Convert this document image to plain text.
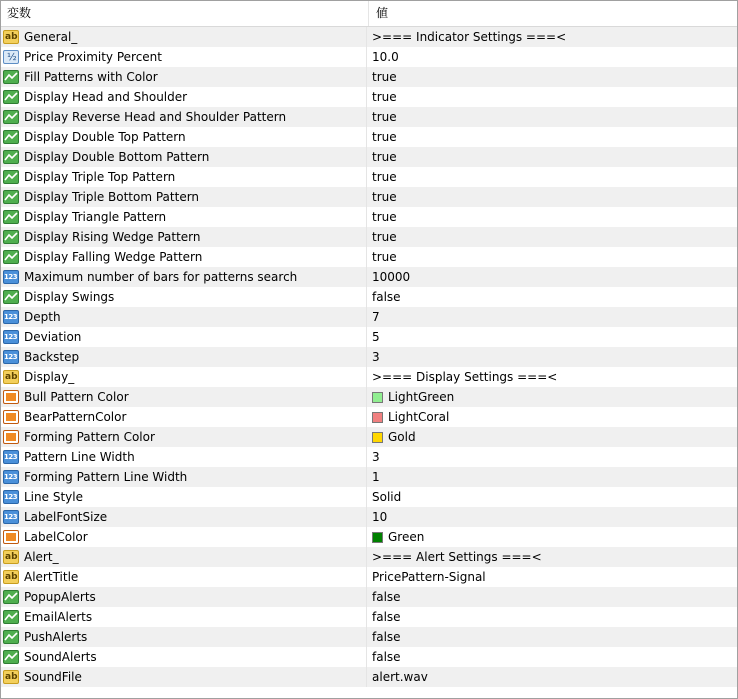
変数	値
ab
General_	>=== Indicator Settings ===<
½
Price Proximity Percent	10.0
Fill Patterns with Color	true
Display Head and Shoulder	true
Display Reverse Head and Shoulder Pattern	true
Display Double Top Pattern	true
Display Double Bottom Pattern	true
Display Triple Top Pattern	true
Display Triple Bottom Pattern	true
Display Triangle Pattern	true
Display Rising Wedge Pattern	true
Display Falling Wedge Pattern	true
123
Maximum number of bars for patterns search	10000
Display Swings	false
123
Depth	7
123
Deviation	5
123
Backstep	3
ab
Display_	>=== Display Settings ===<
Bull Pattern Color	LightGreen
BearPatternColor	LightCoral
Forming Pattern Color	Gold
123
Pattern Line Width	3
123
Forming Pattern Line Width	1
123
Line Style	Solid
123
LabelFontSize	10
LabelColor	Green
ab
Alert_	>=== Alert Settings ===<
ab
AlertTitle	PricePattern-Signal
PopupAlerts	false
EmailAlerts	false
PushAlerts	false
SoundAlerts	false
ab
SoundFile	alert.wav
